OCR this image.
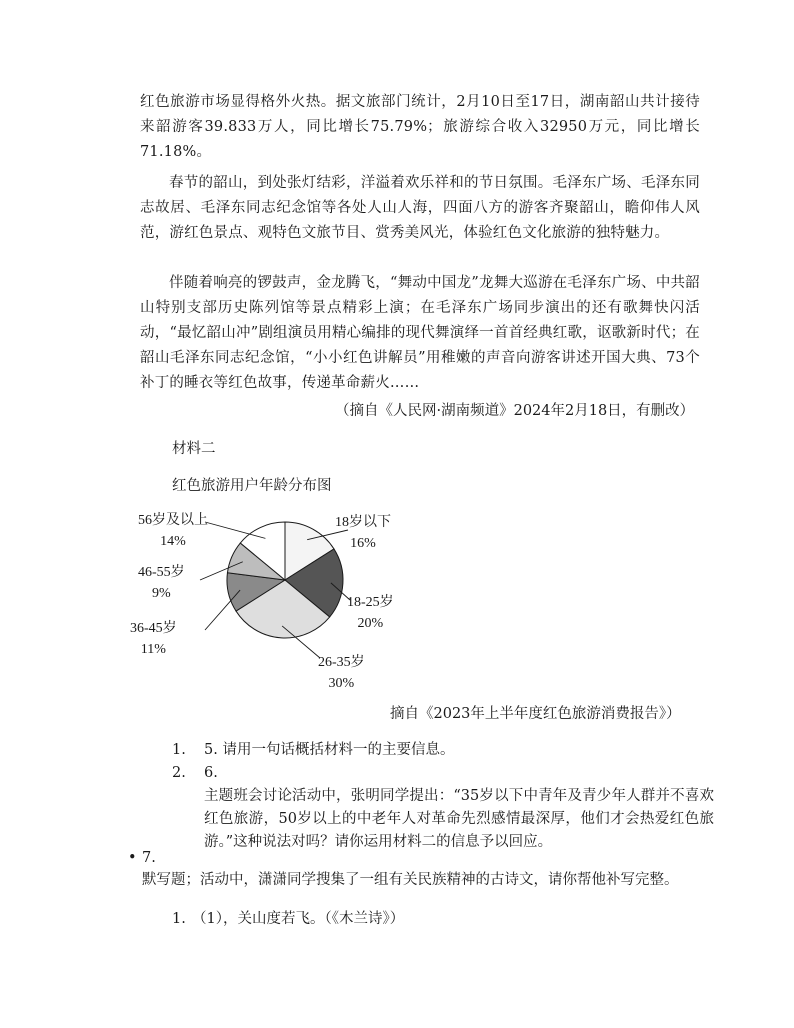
红色旅游市场显得格外火热。据文旅部门统计，2月10日至17日，湖南韶山共计接待来韶游客39.833万人，同比增长75.79%；旅游综合收入32950万元，同比增长71.18%。
春节的韶山，到处张灯结彩，洋溢着欢乐祥和的节日氛围。毛泽东广场、毛泽东同志故居、毛泽东同志纪念馆等各处人山人海，四面八方的游客齐聚韶山，瞻仰伟人风范，游红色景点、观特色文旅节目、赏秀美风光，体验红色文化旅游的独特魅力。
伴随着响亮的锣鼓声，金龙腾飞，“舞动中国龙”龙舞大巡游在毛泽东广场、中共韶山特别支部历史陈列馆等景点精彩上演；在毛泽东广场同步演出的还有歌舞快闪活动，“最忆韶山冲”剧组演员用精心编排的现代舞演绎一首首经典红歌，讴歌新时代；在韶山毛泽东同志纪念馆，“小小红色讲解员”用稚嫩的声音向游客讲述开国大典、73个补丁的睡衣等红色故事，传递革命薪火……
（摘自《人民网·湖南频道》2024年2月18日，有删改）
材料二
红色旅游用户年龄分布图
18岁以下
16%
18-25岁
20%
26-35岁
30%
36-45岁
11%
46-55岁
9%
56岁及以上
14%
摘自《2023年上半年度红色旅游消费报告》）
1. 5. 请用一句话概括材料一的主要信息。
2. 6.
主题班会讨论活动中，张明同学提出：“35岁以下中青年及青少年人群并不喜欢红色旅游，50岁以上的中老年人对革命先烈感情最深厚，他们才会热爱红色旅游。”这种说法对吗？请你运用材料二的信息予以回应。
• 7.
默写题；活动中，潇潇同学搜集了一组有关民族精神的古诗文，请你帮他补写完整。
1. （1），关山度若飞。（《木兰诗》）
